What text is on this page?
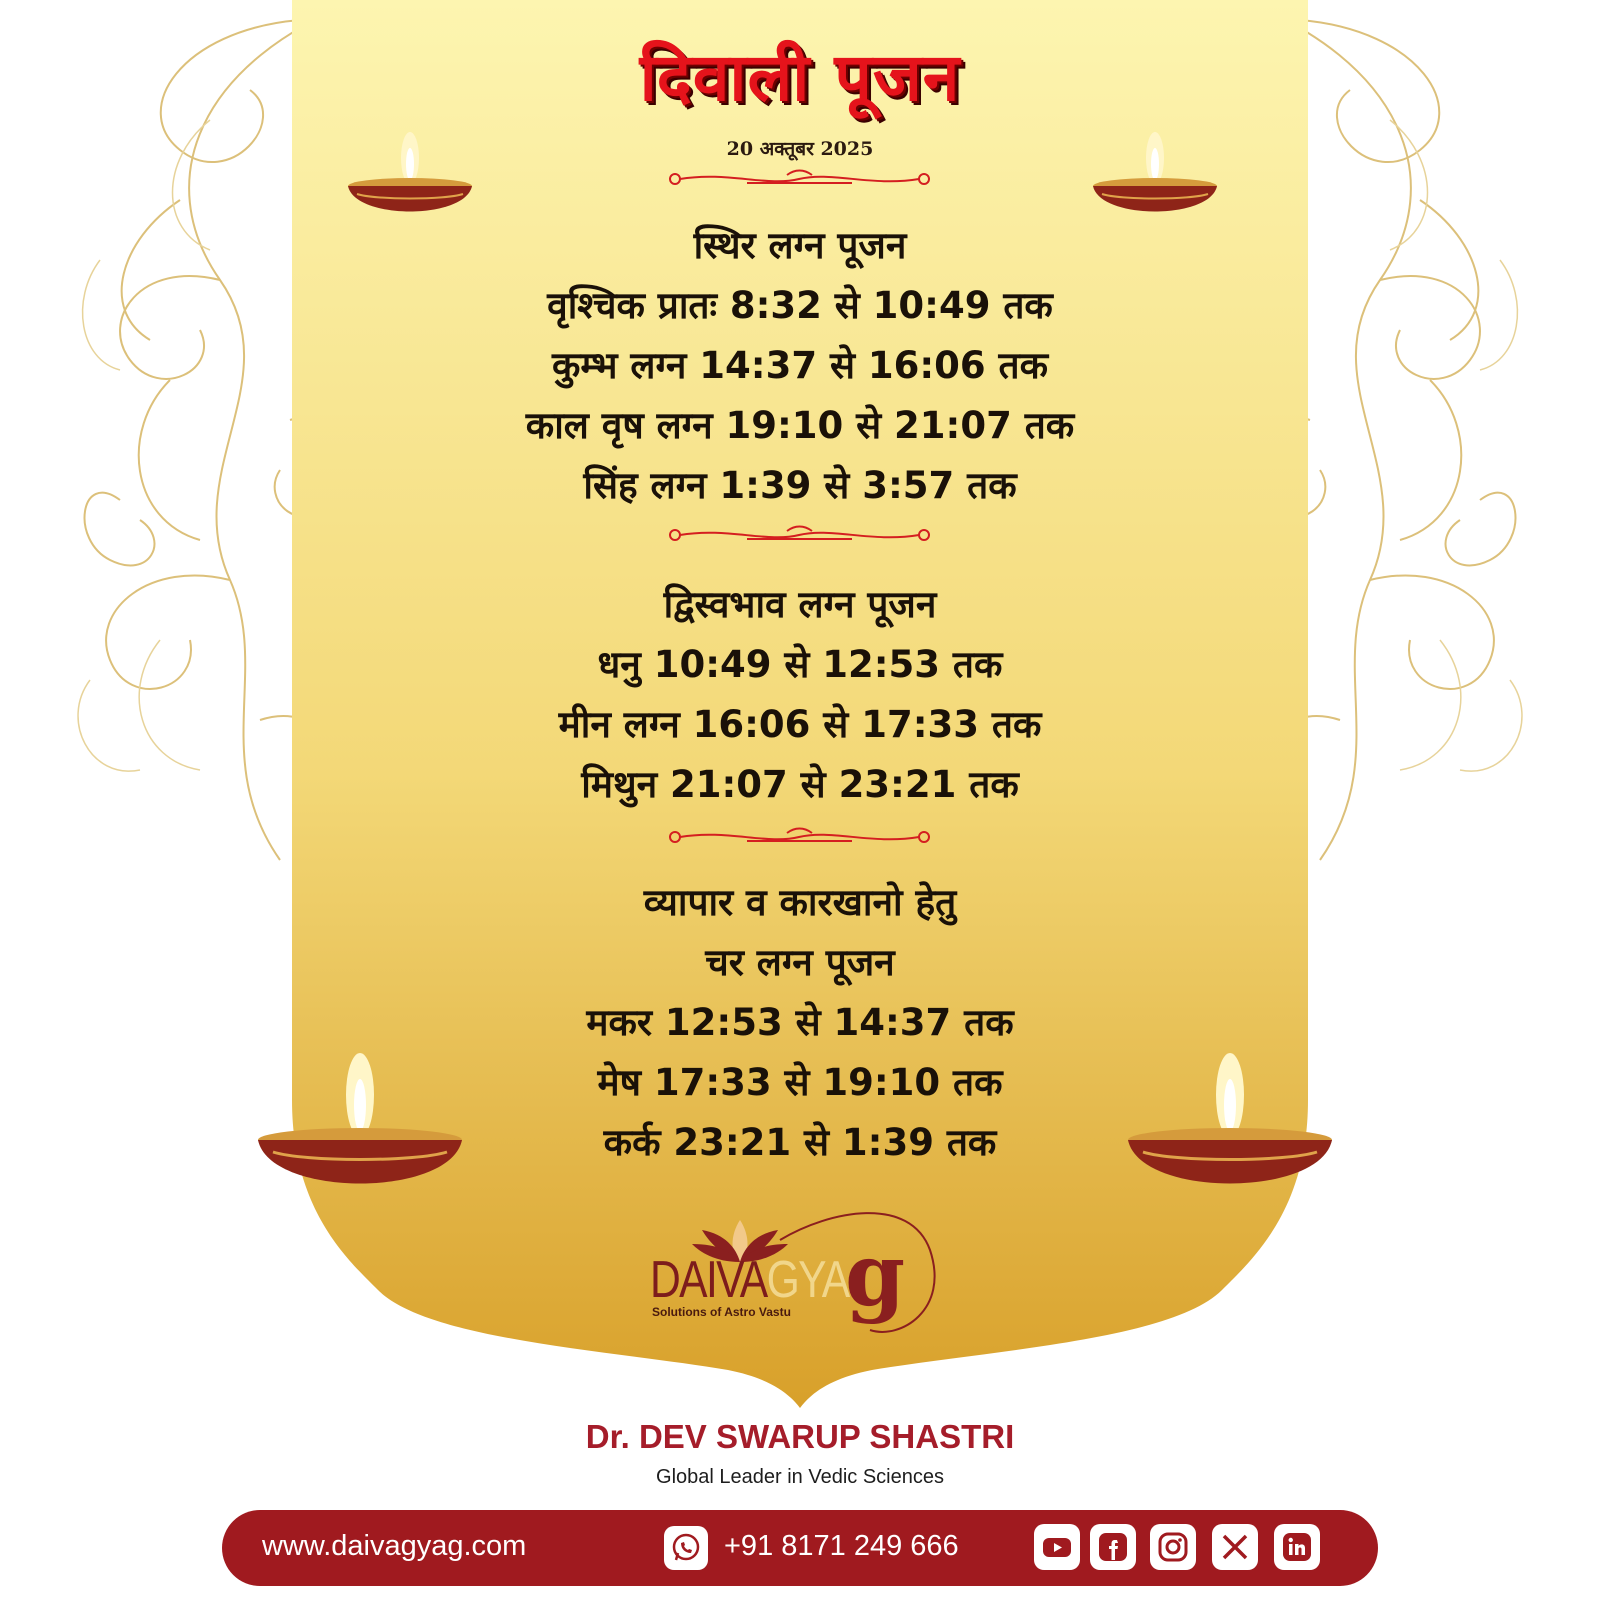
दिवाली पूजन
20 अक्तूबर 2025
स्थिर लग्न पूजन
वृश्चिक प्रातः 8:32 से 10:49 तक
कुम्भ लग्न 14:37 से 16:06 तक
काल वृष लग्न 19:10 से 21:07 तक
सिंह लग्न 1:39 से 3:57 तक
द्विस्वभाव लग्न पूजन
धनु 10:49 से 12:53 तक
मीन लग्न 16:06 से 17:33 तक
मिथुन 21:07 से 23:21 तक
व्यापार व कारखानो हेतु
चर लग्न पूजन
मकर 12:53 से 14:37 तक
मेष 17:33 से 19:10 तक
कर्क 23:21 से 1:39 तक
g
DAIVAGYA
Solutions of Astro Vastu
Dr. DEV SWARUP SHASTRI
Global Leader in Vedic Sciences
www.daivagyag.com	+91 8171 249 666
